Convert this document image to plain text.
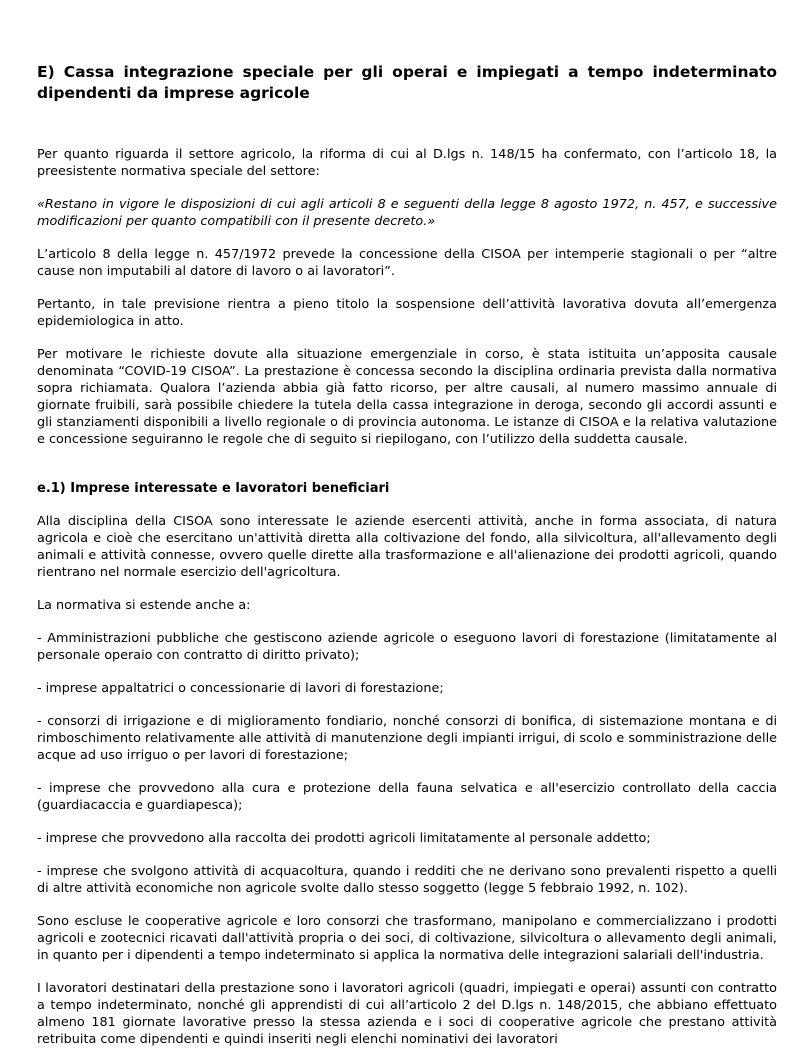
E) Cassa integrazione speciale per gli operai e impiegati a tempo indeterminato dipendenti da imprese agricole

Per quanto riguarda il settore agricolo, la riforma di cui al D.lgs n. 148/15 ha confermato, con l’articolo 18, la preesistente normativa speciale del settore:

«Restano in vigore le disposizioni di cui agli articoli 8 e seguenti della legge 8 agosto 1972, n. 457, e successive modificazioni per quanto compatibili con il presente decreto.»

L’articolo 8 della legge n. 457/1972 prevede la concessione della CISOA per intemperie stagionali o per “altre cause non imputabili al datore di lavoro o ai lavoratori”.

Pertanto, in tale previsione rientra a pieno titolo la sospensione dell’attività lavorativa dovuta all’emergenza epidemiologica in atto.

Per motivare le richieste dovute alla situazione emergenziale in corso, è stata istituita un’apposita causale denominata “COVID-19 CISOA”. La prestazione è concessa secondo la disciplina ordinaria prevista dalla normativa sopra richiamata. Qualora l’azienda abbia già fatto ricorso, per altre causali, al numero massimo annuale di giornate fruibili, sarà possibile chiedere la tutela della cassa integrazione in deroga, secondo gli accordi assunti e gli stanziamenti disponibili a livello regionale o di provincia autonoma. Le istanze di CISOA e la relativa valutazione e concessione seguiranno le regole che di seguito si riepilogano, con l’utilizzo della suddetta causale.

e.1) Imprese interessate e lavoratori beneficiari

Alla disciplina della CISOA sono interessate le aziende esercenti attività, anche in forma associata, di natura agricola e cioè che esercitano un'attività diretta alla coltivazione del fondo, alla silvicoltura, all'allevamento degli animali e attività connesse, ovvero quelle dirette alla trasformazione e all'alienazione dei prodotti agricoli, quando rientrano nel normale esercizio dell'agricoltura.

La normativa si estende anche a:

- Amministrazioni pubbliche che gestiscono aziende agricole o eseguono lavori di forestazione (limitatamente al personale operaio con contratto di diritto privato);

- imprese appaltatrici o concessionarie di lavori di forestazione;

- consorzi di irrigazione e di miglioramento fondiario, nonché consorzi di bonifica, di sistemazione montana e di rimboschimento relativamente alle attività di manutenzione degli impianti irrigui, di scolo e somministrazione delle acque ad uso irriguo o per lavori di forestazione;

- imprese che provvedono alla cura e protezione della fauna selvatica e all'esercizio controllato della caccia (guardiacaccia e guardiapesca);

- imprese che provvedono alla raccolta dei prodotti agricoli limitatamente al personale addetto;

- imprese che svolgono attività di acquacoltura, quando i redditi che ne derivano sono prevalenti rispetto a quelli di altre attività economiche non agricole svolte dallo stesso soggetto (legge 5 febbraio 1992, n. 102).

Sono escluse le cooperative agricole e loro consorzi che trasformano, manipolano e commercializzano i prodotti agricoli e zootecnici ricavati dall'attività propria o dei soci, di coltivazione, silvicoltura o allevamento degli animali, in quanto per i dipendenti a tempo indeterminato si applica la normativa delle integrazioni salariali dell'industria.

I lavoratori destinatari della prestazione sono i lavoratori agricoli (quadri, impiegati e operai) assunti con contratto a tempo indeterminato, nonché gli apprendisti di cui all’articolo 2 del D.lgs n. 148/2015, che abbiano effettuato almeno 181 giornate lavorative presso la stessa azienda e i soci di cooperative agricole che prestano attività retribuita come dipendenti e quindi inseriti negli elenchi nominativi dei lavoratori
